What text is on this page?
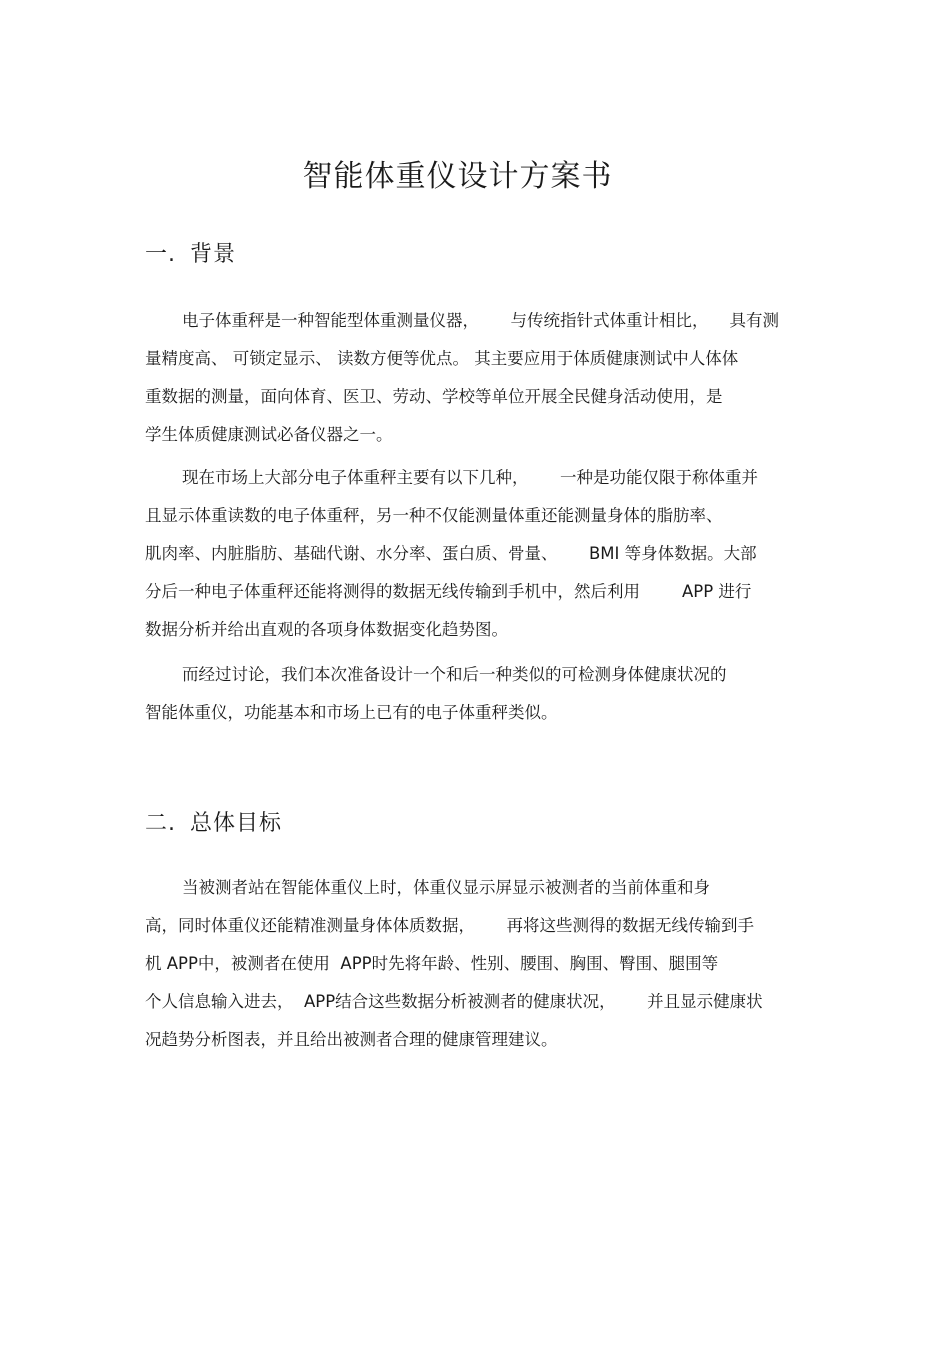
智能体重仪设计方案书
一. 背景
电子体重秤是一种智能型体重测量仪器，      与传统指针式体重计相比，    具有测
量精度高、 可锁定显示、 读数方便等优点。 其主要应用于体质健康测试中人体体
重数据的测量，面向体育、医卫、劳动、学校等单位开展全民健身活动使用，是
学生体质健康测试必备仪器之一。
现在市场上大部分电子体重秤主要有以下几种，      一种是功能仅限于称体重并
且显示体重读数的电子体重秤，另一种不仅能测量体重还能测量身体的脂肪率、
肌肉率、内脏脂肪、基础代谢、水分率、蛋白质、骨量、      BMI 等身体数据。大部
分后一种电子体重秤还能将测得的数据无线传输到手机中，然后利用        APP 进行
数据分析并给出直观的各项身体数据变化趋势图。
而经过讨论，我们本次准备设计一个和后一种类似的可检测身体健康状况的
智能体重仪，功能基本和市场上已有的电子体重秤类似。
二. 总体目标
当被测者站在智能体重仪上时，体重仪显示屏显示被测者的当前体重和身
高，同时体重仪还能精准测量身体体质数据，      再将这些测得的数据无线传输到手
机 APP中，被测者在使用  APP时先将年龄、性别、腰围、胸围、臀围、腿围等
个人信息输入进去，  APP结合这些数据分析被测者的健康状况，      并且显示健康状
况趋势分析图表，并且给出被测者合理的健康管理建议。
